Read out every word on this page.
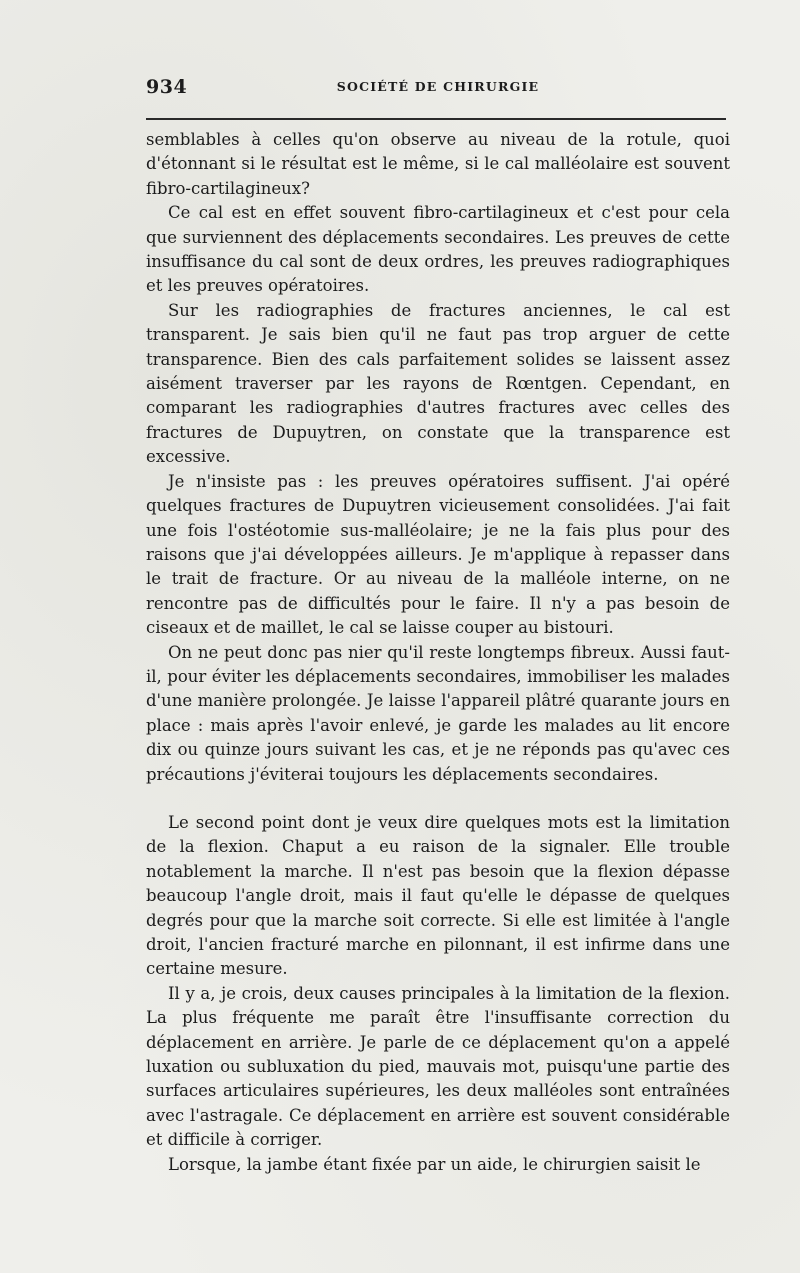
934	SOCIÉTÉ DE CHIRURGIE

semblables à celles qu'on observe au niveau de la rotule, quoi d'étonnant si le résultat est le même, si le cal malléolaire est souvent fibro-cartilagineux?

Ce cal est en effet souvent fibro-cartilagineux et c'est pour cela que surviennent des déplacements secondaires. Les preuves de cette insuffisance du cal sont de deux ordres, les preuves radiographiques et les preuves opératoires.

Sur les radiographies de fractures anciennes, le cal est transparent. Je sais bien qu'il ne faut pas trop arguer de cette transparence. Bien des cals parfaitement solides se laissent assez aisément traverser par les rayons de Rœntgen. Cependant, en comparant les radiographies d'autres fractures avec celles des fractures de Dupuytren, on constate que la transparence est excessive.

Je n'insiste pas : les preuves opératoires suffisent. J'ai opéré quelques fractures de Dupuytren vicieusement consolidées. J'ai fait une fois l'ostéotomie sus-malléolaire; je ne la fais plus pour des raisons que j'ai développées ailleurs. Je m'applique à repasser dans le trait de fracture. Or au niveau de la malléole interne, on ne rencontre pas de difficultés pour le faire. Il n'y a pas besoin de ciseaux et de maillet, le cal se laisse couper au bistouri.

On ne peut donc pas nier qu'il reste longtemps fibreux. Aussi faut-il, pour éviter les déplacements secondaires, immobiliser les malades d'une manière prolongée. Je laisse l'appareil plâtré quarante jours en place : mais après l'avoir enlevé, je garde les malades au lit encore dix ou quinze jours suivant les cas, et je ne réponds pas qu'avec ces précautions j'éviterai toujours les déplacements secondaires.

Le second point dont je veux dire quelques mots est la limitation de la flexion. Chaput a eu raison de la signaler. Elle trouble notablement la marche. Il n'est pas besoin que la flexion dépasse beaucoup l'angle droit, mais il faut qu'elle le dépasse de quelques degrés pour que la marche soit correcte. Si elle est limitée à l'angle droit, l'ancien fracturé marche en pilonnant, il est infirme dans une certaine mesure.

Il y a, je crois, deux causes principales à la limitation de la flexion. La plus fréquente me paraît être l'insuffisante correction du déplacement en arrière. Je parle de ce déplacement qu'on a appelé luxation ou subluxation du pied, mauvais mot, puisqu'une partie des surfaces articulaires supérieures, les deux malléoles sont entraînées avec l'astragale. Ce déplacement en arrière est souvent considérable et difficile à corriger.

Lorsque, la jambe étant fixée par un aide, le chirurgien saisit le
